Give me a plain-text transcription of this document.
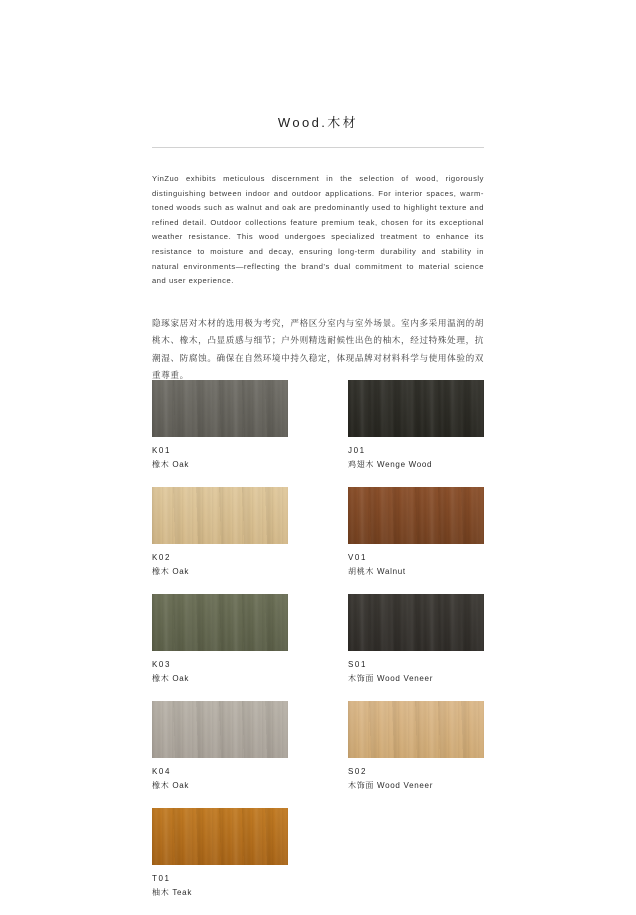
Wood.木材

YinZuo exhibits meticulous discernment in the selection of wood, rigorously distinguishing between indoor and outdoor applications. For interior spaces, warm-toned woods such as walnut and oak are predominantly used to highlight texture and refined detail. Outdoor collections feature premium teak, chosen for its exceptional weather resistance. This wood undergoes specialized treatment to enhance its resistance to moisture and decay, ensuring long-term durability and stability in natural environments—reflecting the brand's dual commitment to material science and user experience.

隐琢家居对木材的选用极为考究，严格区分室内与室外场景。室内多采用温润的胡桃木、橡木，凸显质感与细节；户外则精选耐候性出色的柚木，经过特殊处理，抗潮湿、防腐蚀。确保在自然环境中持久稳定，体现品牌对材料科学与使用体验的双重尊重。

K01
橡木 Oak
J01
鸡翅木 Wenge Wood
K02
橡木 Oak
V01
胡桃木 Walnut
K03
橡木 Oak
S01
木饰面 Wood Veneer
K04
橡木 Oak
S02
木饰面 Wood Veneer
T01
柚木 Teak
